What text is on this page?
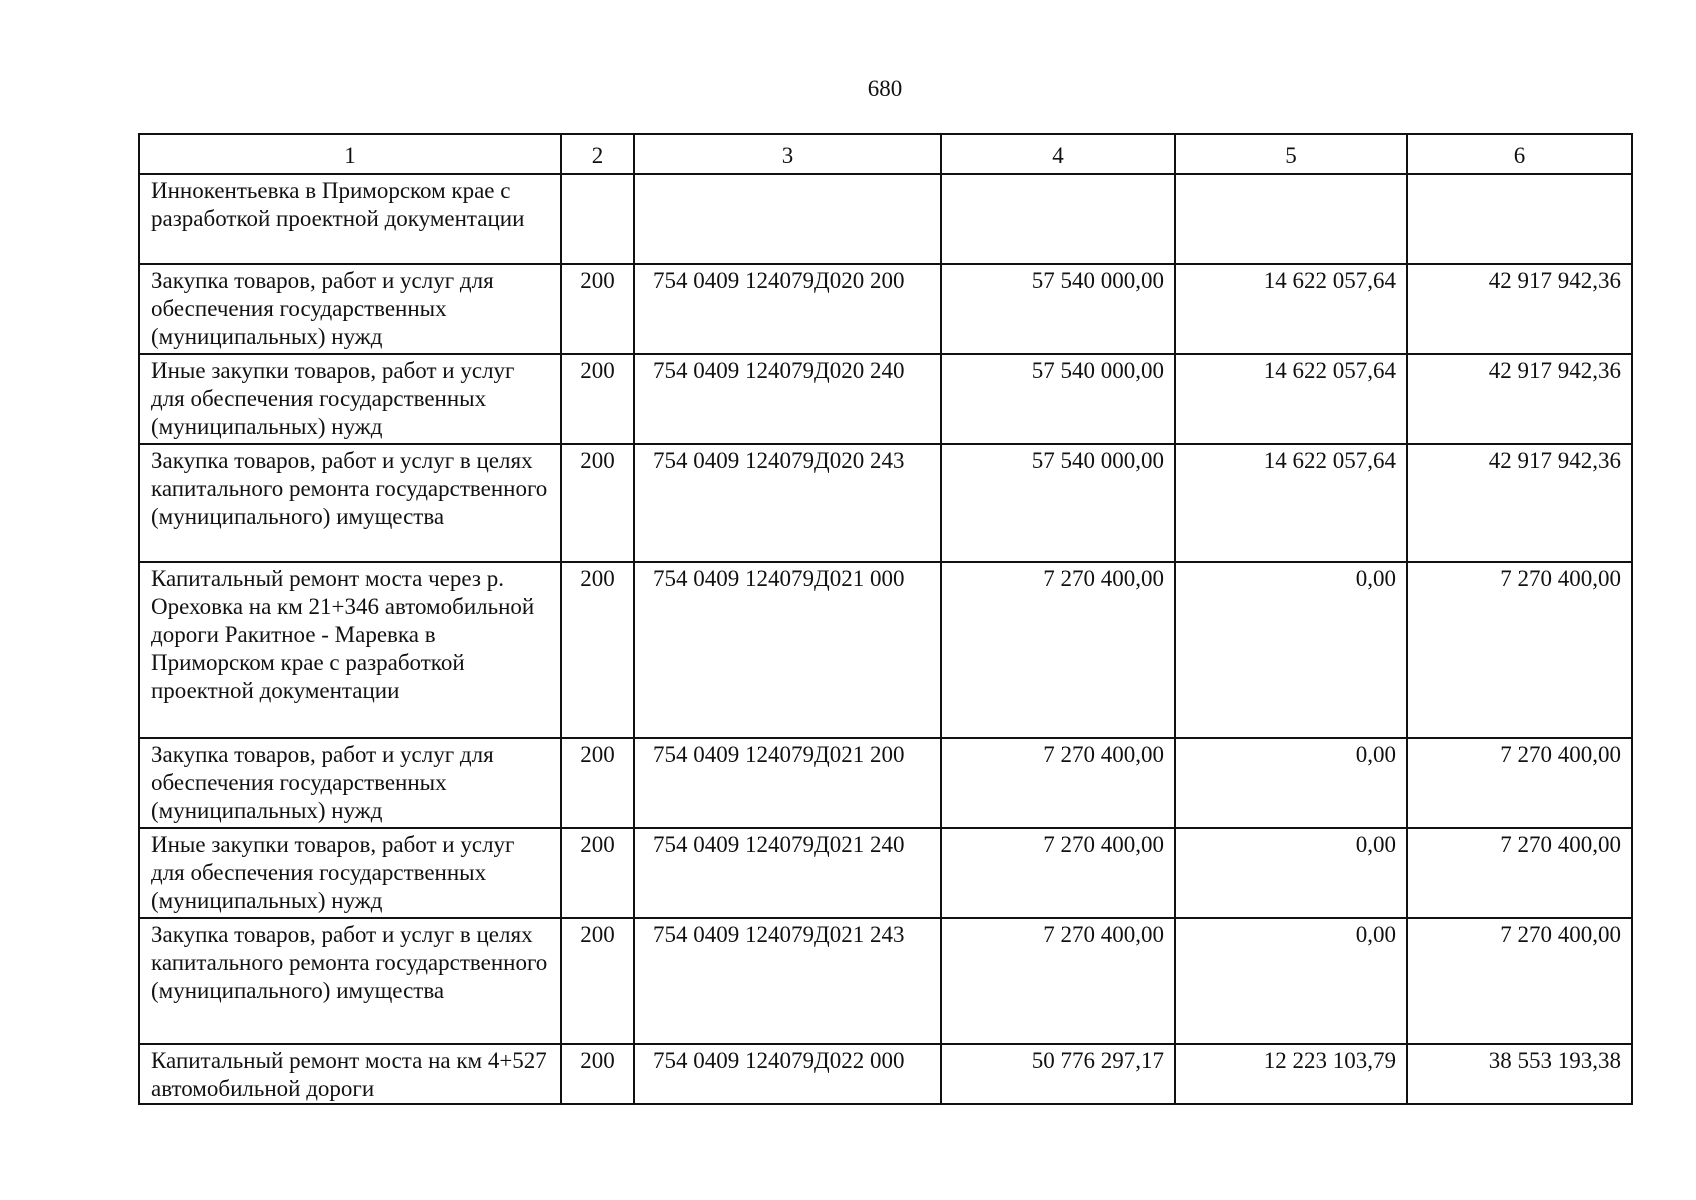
680
1	2	3	4	5	6
Иннокентьевка в Приморском крае с разработкой проектной документации					
Закупка товаров, работ и услуг для обеспечения государственных (муниципальных) нужд	200	754 0409 124079Д020 200	57 540 000,00	14 622 057,64	42 917 942,36
Иные закупки товаров, работ и услуг для обеспечения государственных (муниципальных) нужд	200	754 0409 124079Д020 240	57 540 000,00	14 622 057,64	42 917 942,36
Закупка товаров, работ и услуг в целях капитального ремонта государственного (муниципального) имущества	200	754 0409 124079Д020 243	57 540 000,00	14 622 057,64	42 917 942,36
Капитальный ремонт моста через р. Ореховка на км 21+346 автомобильной дороги Ракитное - Маревка в Приморском крае с разработкой проектной документации	200	754 0409 124079Д021 000	7 270 400,00	0,00	7 270 400,00
Закупка товаров, работ и услуг для обеспечения государственных (муниципальных) нужд	200	754 0409 124079Д021 200	7 270 400,00	0,00	7 270 400,00
Иные закупки товаров, работ и услуг для обеспечения государственных (муниципальных) нужд	200	754 0409 124079Д021 240	7 270 400,00	0,00	7 270 400,00
Закупка товаров, работ и услуг в целях капитального ремонта государственного (муниципального) имущества	200	754 0409 124079Д021 243	7 270 400,00	0,00	7 270 400,00
Капитальный ремонт моста на км 4+527 автомобильной дороги	200	754 0409 124079Д022 000	50 776 297,17	12 223 103,79	38 553 193,38
